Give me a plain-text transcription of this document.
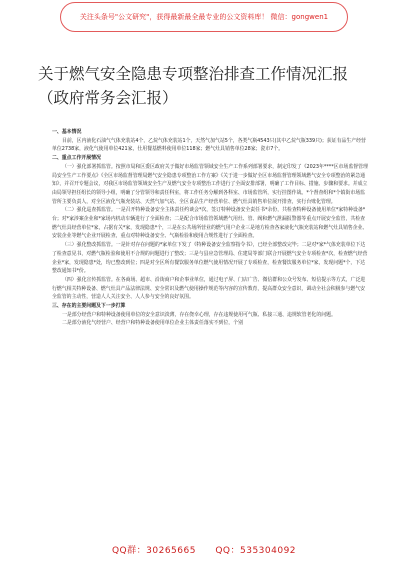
关注头条号"公文研究"，获得最新最全最专业的公文资料库！ 微信：gongwen1
关于燃气安全隐患专项整治排查工作情况汇报（政府常务会汇报）

一、基本情况

目前，区内液化石油气气体充装站4个，乙烷气体充装站1个，天然气加气站5个，各类气瓶4543只(其中乙烷气瓶339只)；获证有品生产经营单位2738家，液化气使用单位421家，仕用餐基燃料使用单位118家；燃气灶具销售单位28家；瓷市7个。

二、重点工作开展情况

（一）强化部署抓监管。按照市局和区委区政府关于做好市场监管领域安全生产工作系列部署要求，制定印发了《2023年****区市场监督管理局安全生产工作要点》《全区市场监督管理局燃气安全隐患专项整治工作方案》《关于进一步做好全区市场监督管理领域燃气安全专项整治的紧急通知》，并召开专题会议，对我区市场监管领域安全生产及燃气安全专项整治工作进行了全面安排部署，明确了工作目标、措施、步骤和要求。并成立由局领导担任组长的领导小组，明确了分管领导和责任科室，将工作任务分解到各科室、市场监管所，实行挂图作战。*个督查组和*个镇街市场监管所主要负责人，对全区液化气瓶充装站、天然气加气站、全区食品生产经营单位、燃气灶具销售单位展开排查，实行台账化管理。

（二）强化巡查抓监管。一是召开特种设备安全主体责任约谈会*次，签订特种设备安全责任书*余份，共检查特种设备使用单位*家特种设备*台；对*家涉案企业和*家场内机动车辆进行了全面检查；二是配合市场监管领域燃气用灶、管、阀和燃气泄漏报警器等重点开展安全监管，共检查燃气灶具经营单位*家，占据有关*家，发现隐患*个，三是在公共场所营业的燃气用户企业三是地方检查各家液化气瓶充装站和燃气灶具销售企业、安装企业等燃气企业开展检查，重点对特种设备安全、气瓶检验和使用合规性进行了全面检查。

（三）强化整改抓监管。一是针对存在问题的*家单位下发了《特种设备安全监察指令书》，已经全部整改完毕；二是对*家*气体充装单位下达了检查意见书，对燃气瓶检验和使用不合规的问题进行了整改；三是与县应急管理局、住建局等部门联合开展燃气安全专项检查*次，检查燃气经营企业*家，发现隐患*处，均已整改到位；四是对全区所有餐饮服务单位燃气使用情况开展了专项检查，检查餐饮服务单位*家，发现问题*个，下达整改通知书*份。

（四）强化宣传抓监管。在各商场、超市、沿街商户和企事业单位，通过电子屏、门店广告、微信群和公众号发布、短信提示等方式，广泛进行燃气相关特种设备、燃气灶具产品法律法规、安全常识及燃气使用操作规范等内容的宣传教育，提高群众安全意识，调动全社会积极参与燃气安全监管的主动性，营造人人关注安全、人人参与安全的良好氛围。

三、存在的主要问题及下一步打算

一是部分经营户和特种设备使用单位的安全意识淡薄，存在侥幸心理，存在违规使用可气瓶、私接三通、违规软管老化的问题。

二是部分液化气经营户、经营户和特种设备使用单位企业主体责任落实不到位，个别

QQ群：30265665 QQ：535304092
